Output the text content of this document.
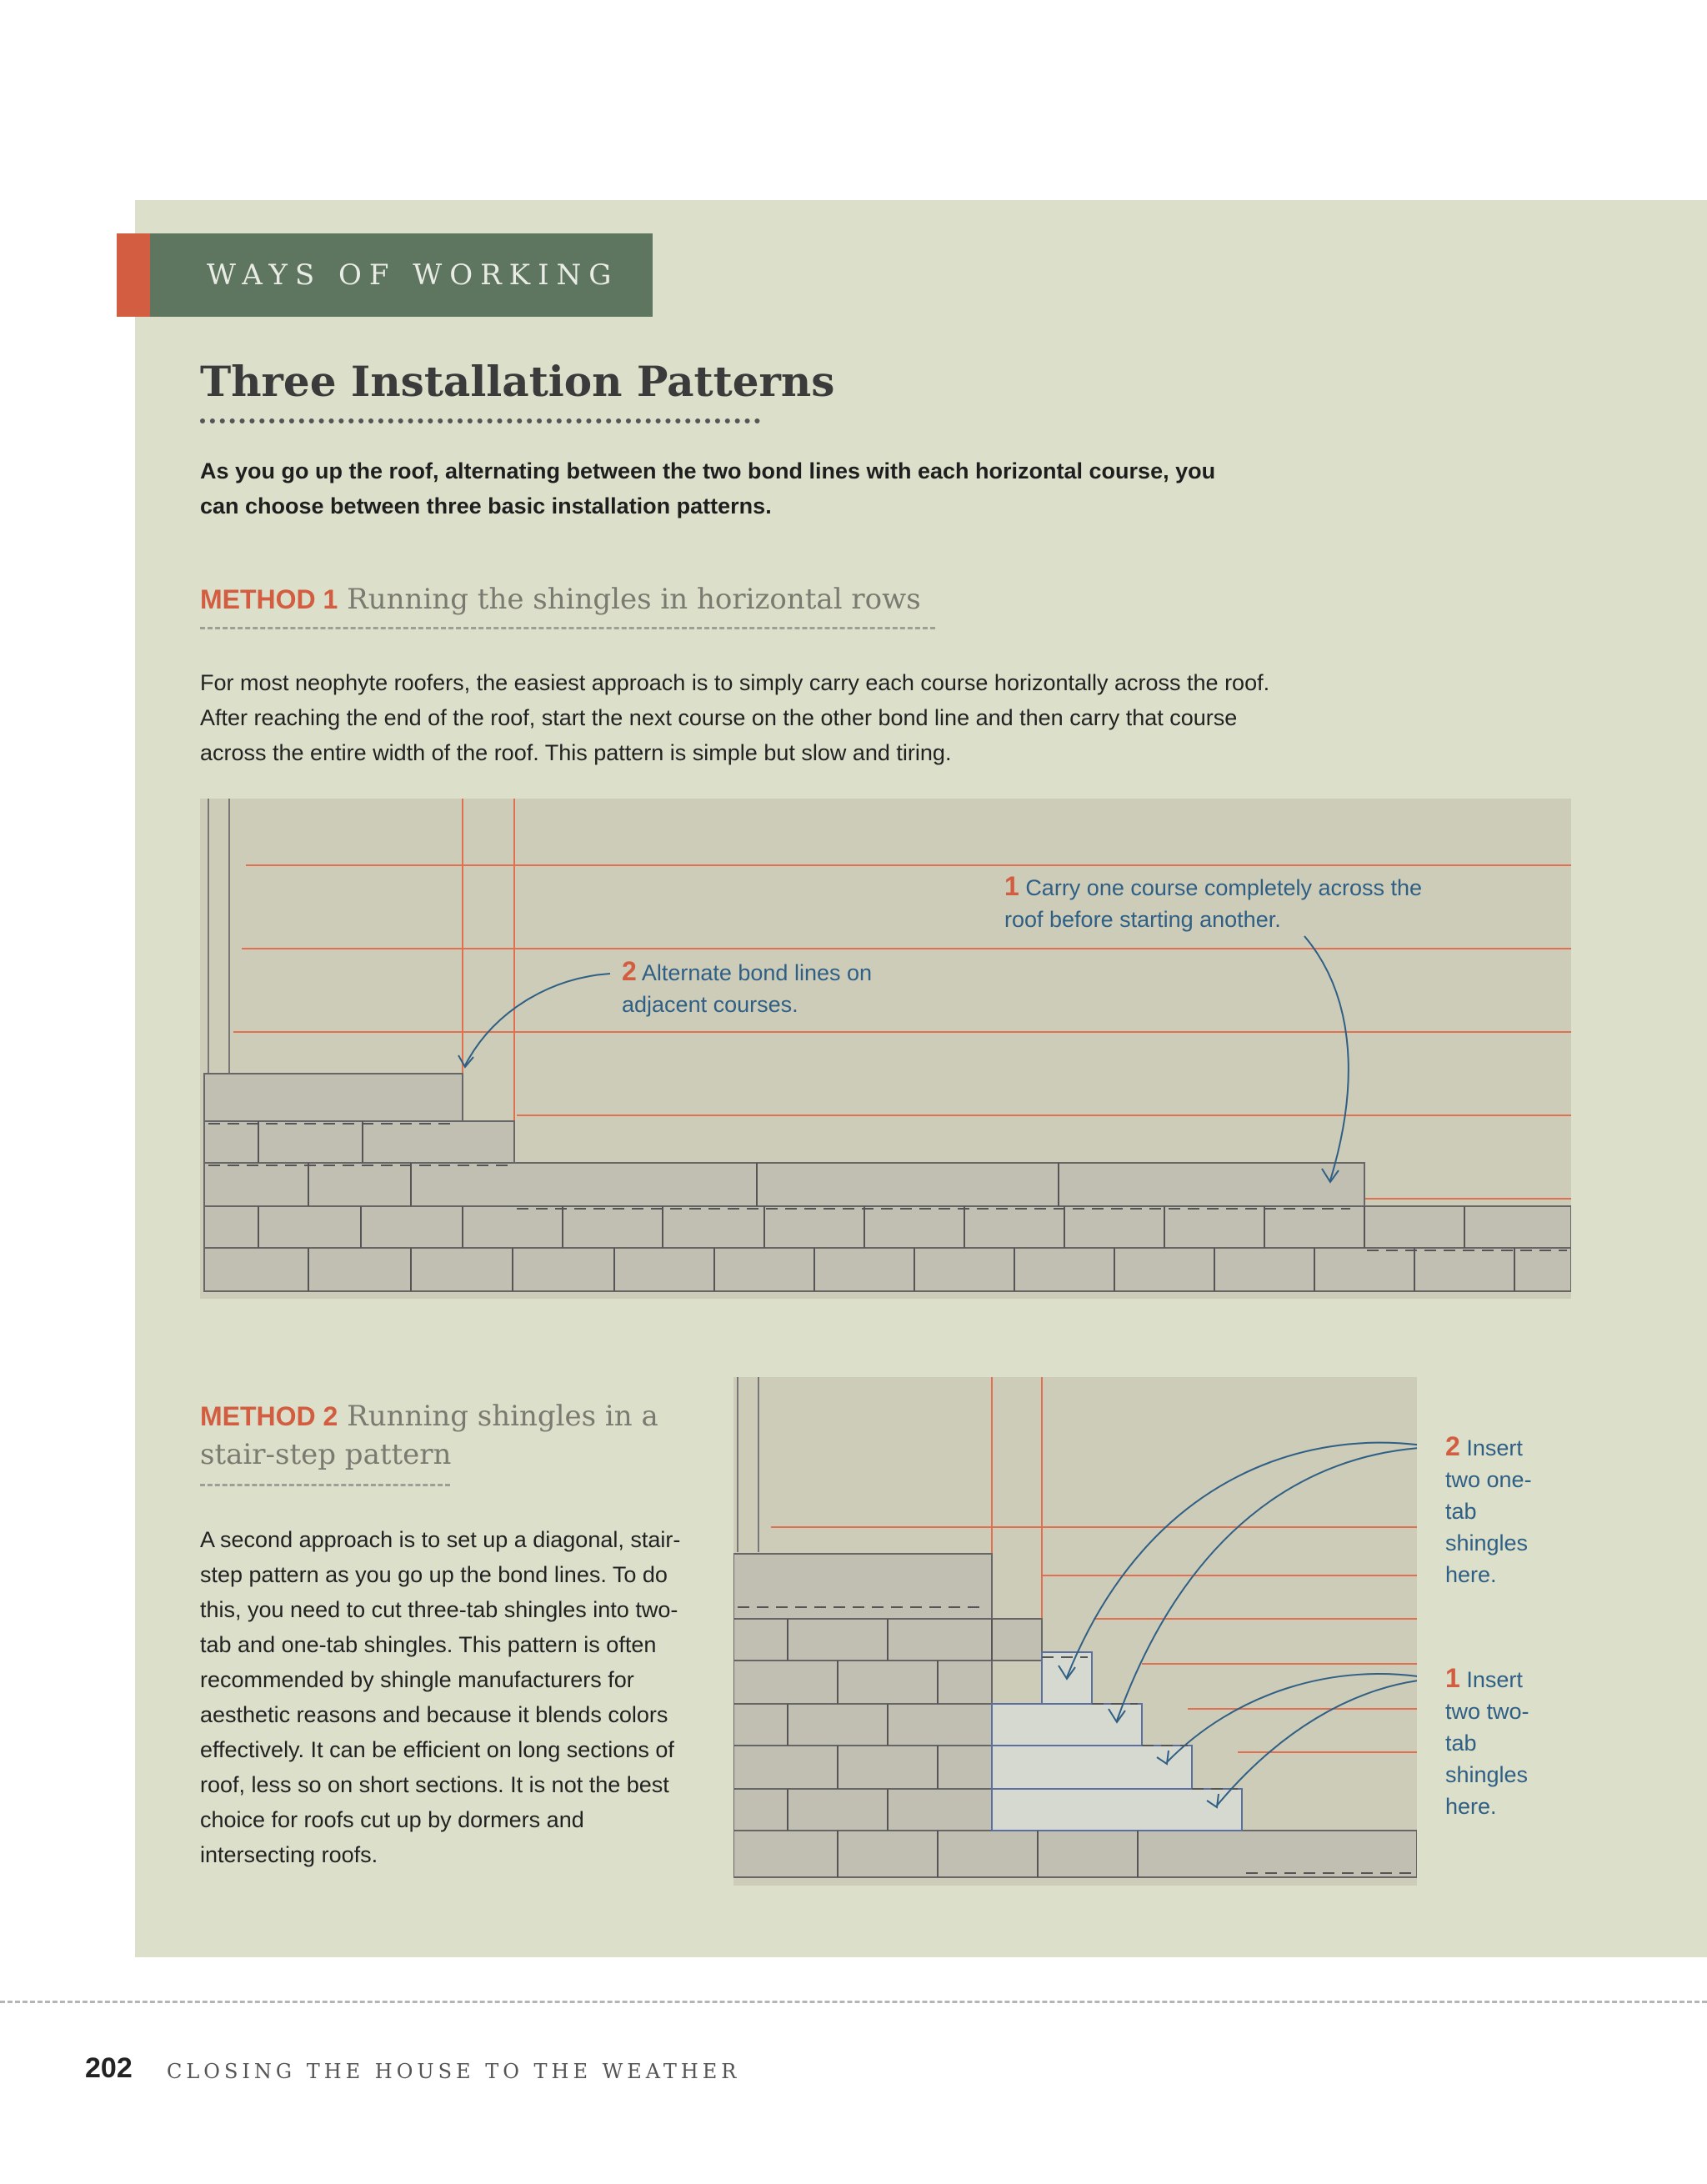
WAYS OF WORKING
Three Installation Patterns

As you go up the roof, alternating between the two bond lines with each horizontal course, you can choose between three basic installation patterns.

METHOD 1 Running the shingles in horizontal rows

For most neophyte roofers, the easiest approach is to simply carry each course horizontally across the roof. After reaching the end of the roof, start the next course on the other bond line and then carry that course across the entire width of the roof. This pattern is simple but slow and tiring.

1 Carry one course completely across the roof before starting another.
2 Alternate bond lines on adjacent courses.
METHOD 2 Running shingles in a stair-step pattern

A second approach is to set up a diagonal, stair-step pattern as you go up the bond lines. To do this, you need to cut three-tab shingles into two-tab and one-tab shingles. This pattern is often recommended by shingle manufacturers for aesthetic reasons and because it blends colors effectively. It can be efficient on long sections of roof, less so on short sections. It is not the best choice for roofs cut up by dormers and intersecting roofs.

2 Insert two one-tab shingles here.
1 Insert two two-tab shingles here.
202 CLOSING THE HOUSE TO THE WEATHER
